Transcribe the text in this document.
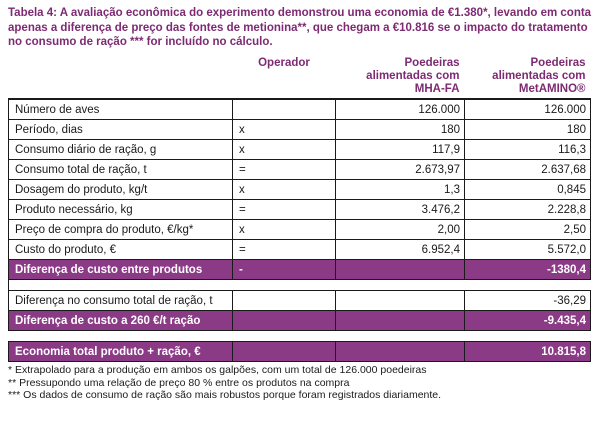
Tabela 4: A avaliação econômica do experimento demonstrou uma economia de €1.380*, levando em conta apenas a diferença de preço das fontes de metionina**, que chegam a €10.816 se o impacto do tratamento no consumo de ração *** for incluído no cálculo.
	Operador	Poedeiras alimentadas com MHA-FA	Poedeiras alimentadas com MetAMINO®
Número de aves		126.000	126.000
Período, dias	x	180	180
Consumo diário de ração, g	x	117,9	116,3
Consumo total de ração, t	=	2.673,97	2.637,68
Dosagem do produto, kg/t	x	1,3	0,845
Produto necessário, kg	=	3.476,2	2.228,8
Preço de compra do produto, €/kg*	x	2,00	2,50
Custo do produto, €	=	6.952,4	5.572,0
Diferença de custo entre produtos	-		-1380,4

Diferença no consumo total de ração, t			-36,29
Diferença de custo a 260 €/t ração			-9.435,4

Economia total produto + ração, €			10.815,8
* Extrapolado para a produção em ambos os galpões, com um total de 126.000 poedeiras
** Pressupondo uma relação de preço 80 % entre os produtos na compra
*** Os dados de consumo de ração são mais robustos porque foram registrados diariamente.
